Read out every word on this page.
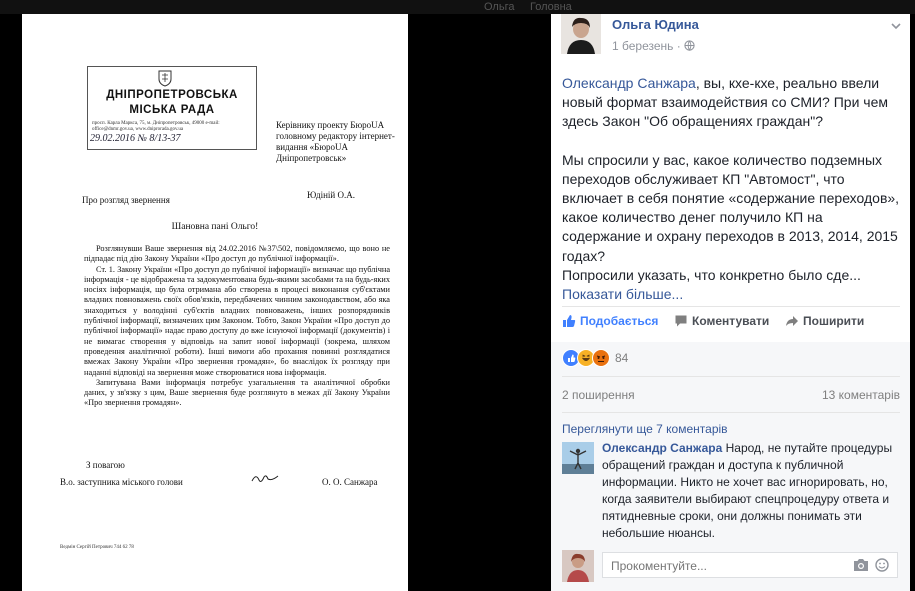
Ольга Головна
ДНІПРОПЕТРОВСЬКА
МІСЬКА РАДА
просп. Карла Маркса, 75, м. Дніпропетровськ, 49000 e-mail: office@dnmr.gov.ua, www.dniprorada.gov.ua
29.02.2016 № 8/13-37
Керівнику проекту БюроUA головному редактору інтернет-видання «БюроUA Дніпропетровськ»
Юдіній О.А.
Про розгляд звернення
Шановна пані Ольго!

Розглянувши Ваше звернення від 24.02.2016 №37\502, повідомляємо, що воно не підпадає під дію Закону України «Про доступ до публічної інформації».

Ст. 1. Закону України «Про доступ до публічної інформації» визначає що публічна інформація - це відображена та задокументована будь-якими засобами та на будь-яких носіях інформація, що була отримана або створена в процесі виконання суб'єктами владних повноважень своїх обов'язків, передбачених чинним законодавством, або яка знаходиться у володінні суб'єктів владних повноважень, інших розпорядників публічної інформації, визначених цим Законом. Тобто, Закон України «Про доступ до публічної інформації» надає право доступу до вже існуючої інформації (документів) і не вимагає створення у відповідь на запит нової інформації (зокрема, шляхом проведення аналітичної роботи). Інші вимоги або прохання повинні розглядатися вмежах Закону України «Про звернення громадян», бо внаслідок їх розгляду при наданні відповіді на звернення може створюватися нова інформація.

Запитувана Вами інформація потребує узагальнення та аналітичної обробки даних, у зв'язку з цим, Ваше звернення буде розглянуто в межах дії Закону України «Про звернення громадян».

З повагою
В.о. заступника міського голови	О. О. Санжара
Ведмін Сергій Петрович 744 62 78
Ольга Юдина
1 березень ·
Олександр Санжара, вы, кхе-кхе, реально ввели новый формат взаимодействия со СМИ? При чем здесь Закон "Об обращениях граждан"?
Мы спросили у вас, какое количество подземных переходов обслуживает КП "Автомост", что включает в себя понятие «содержание переходов», какое количество денег получило КП на содержание и охрану переходов в 2013, 2014, 2015 годах?
Попросили указать, что конкретно было сде...
Показати більше...
Подобається	Коментувати	Поширити
84
2 поширення	13 коментарів
Переглянути ще 7 коментарів
Олександр Санжара Народ, не путайте процедуры обращений граждан и доступа к публичной информации. Никто не хочет вас игнорировать, но, когда заявители выбирают спецпроцедуру ответа и пятидневные сроки, они должны понимать эти небольшие нюансы.
Прокоментуйте...
